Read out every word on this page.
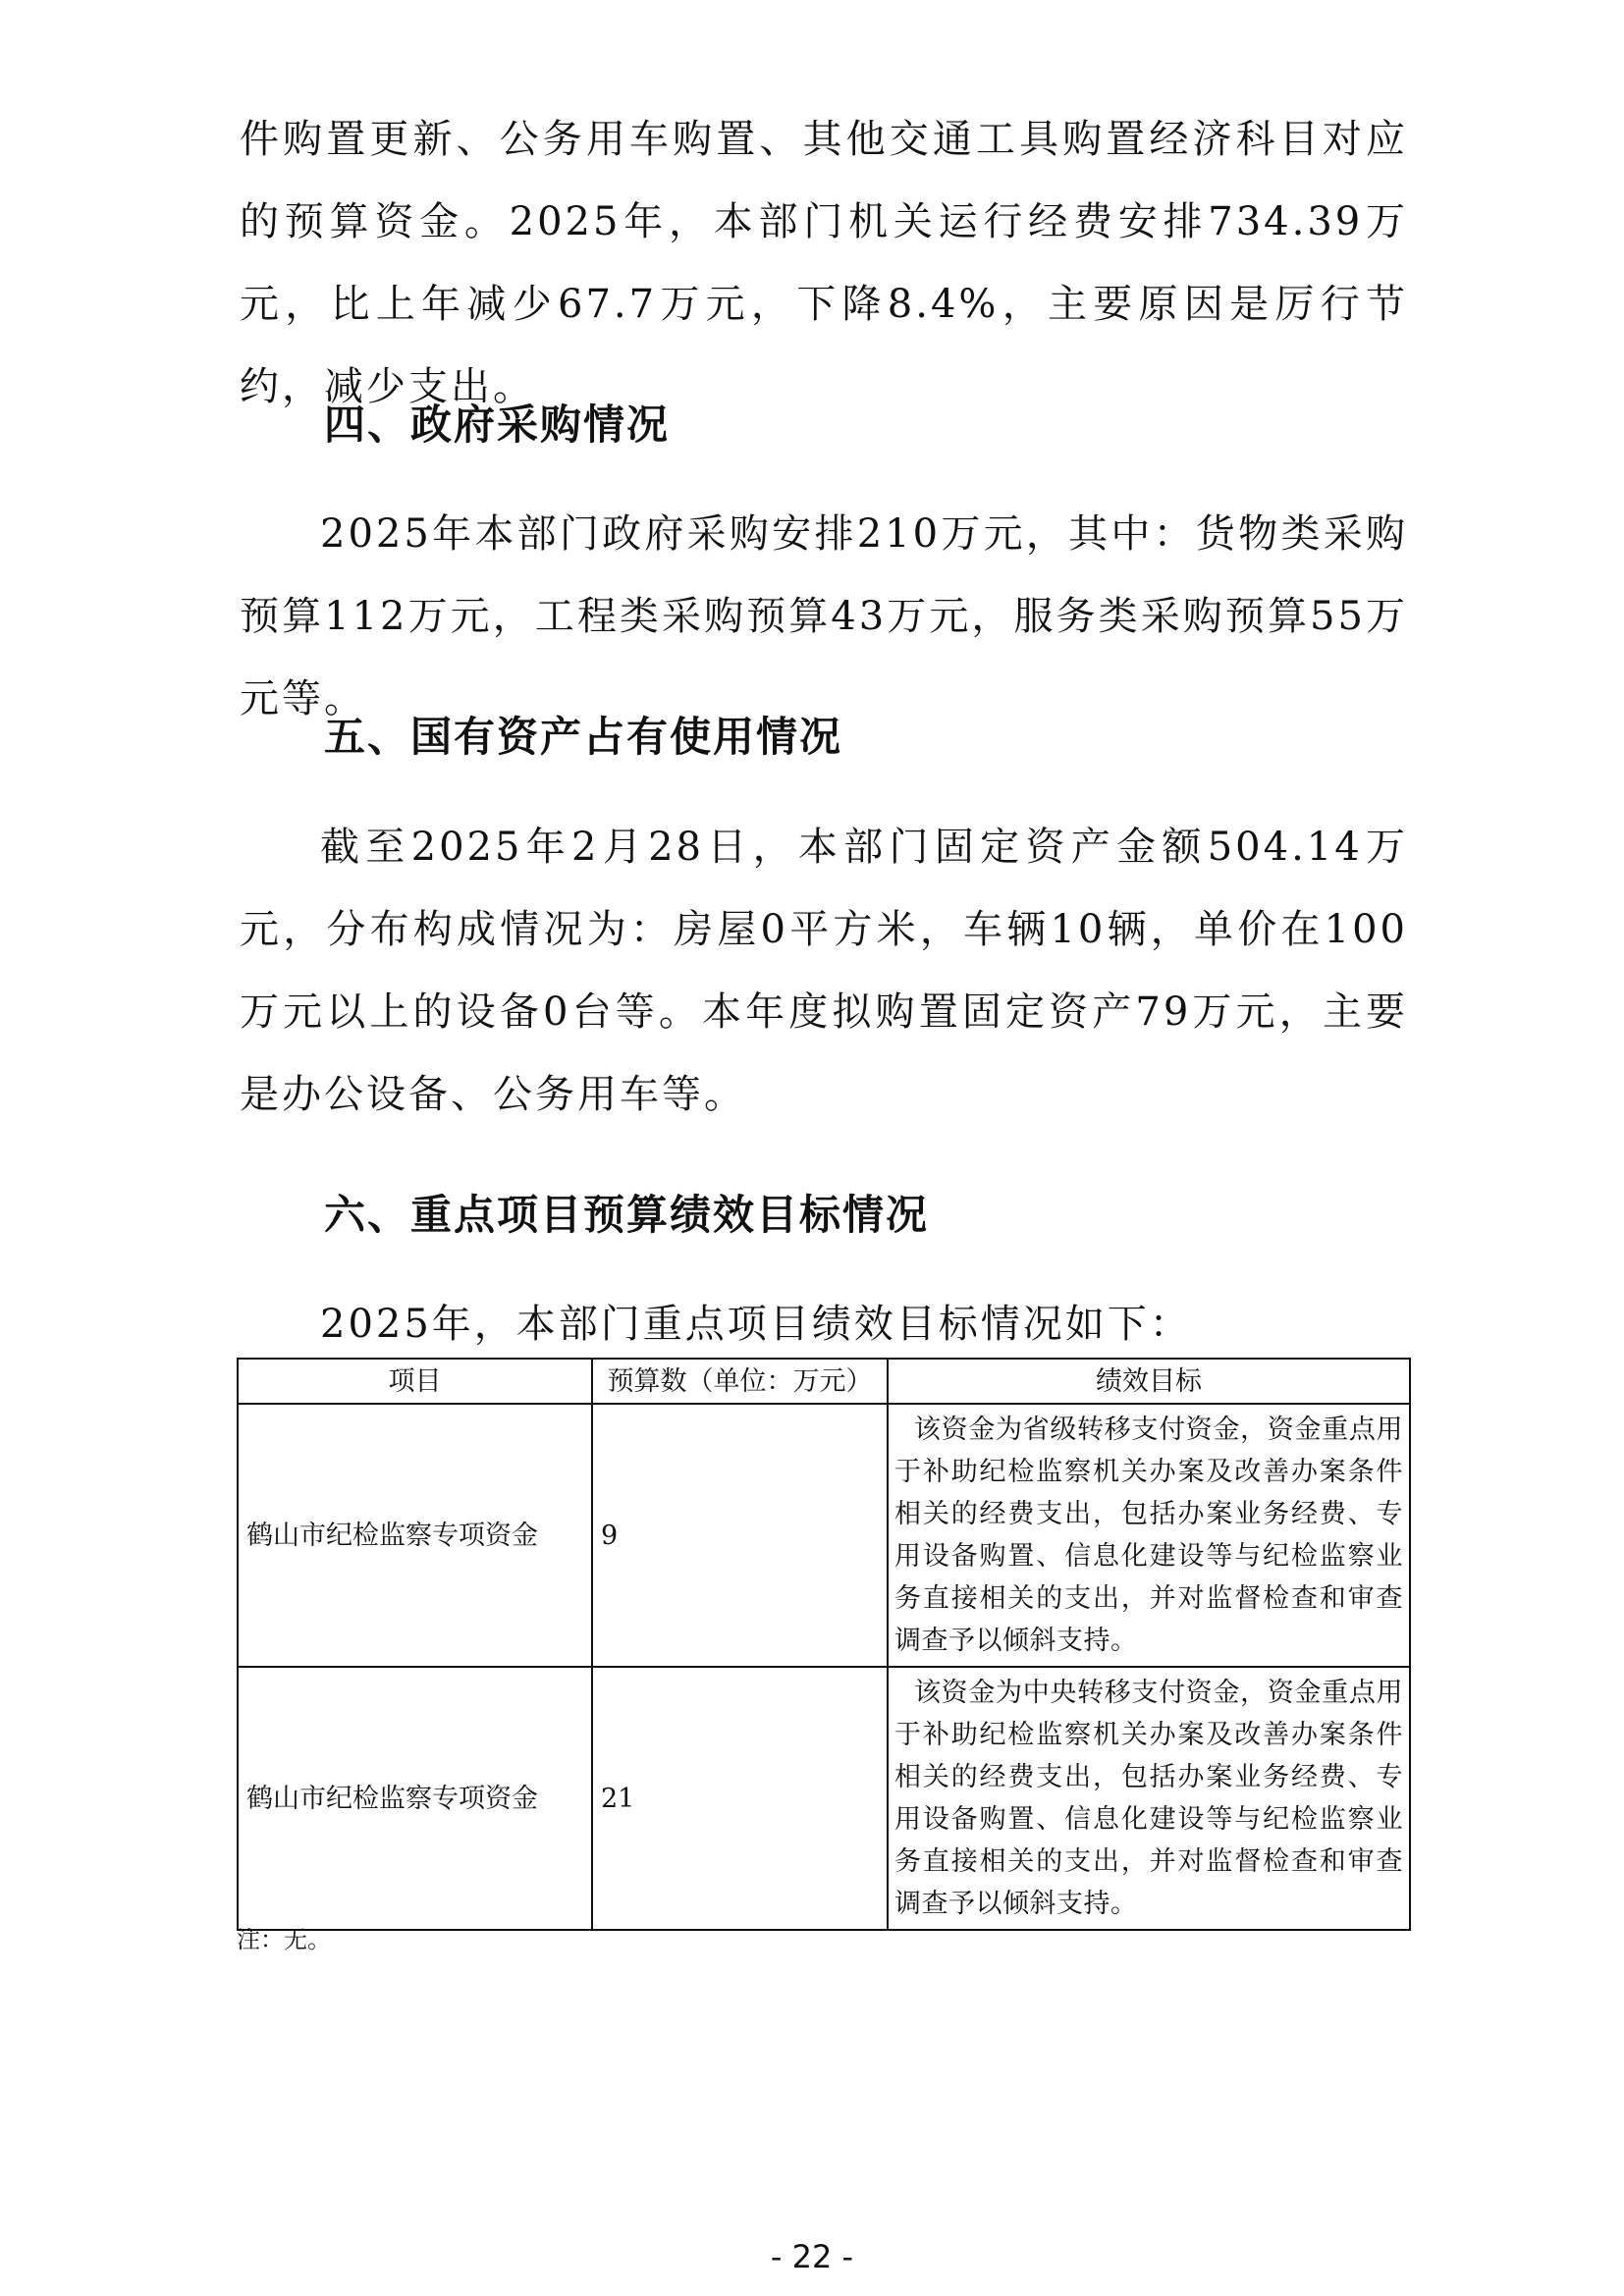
件购置更新、公务用车购置、其他交通工具购置经济科目对应的预算资金。2025年，本部门机关运行经费安排734.39万元，比上年减少67.7万元，下降8.4%，主要原因是厉行节约，减少支出。

四、政府采购情况

2025年本部门政府采购安排210万元，其中：货物类采购预算112万元，工程类采购预算43万元，服务类采购预算55万元等。

五、国有资产占有使用情况

截至2025年2月28日，本部门固定资产金额504.14万元，分布构成情况为：房屋0平方米，车辆10辆，单价在100万元以上的设备0台等。本年度拟购置固定资产79万元，主要是办公设备、公务用车等。

六、重点项目预算绩效目标情况

2025年，本部门重点项目绩效目标情况如下：

项目	预算数（单位：万元）	绩效目标
鹤山市纪检监察专项资金	9	该资金为省级转移支付资金，资金重点用于补助纪检监察机关办案及改善办案条件相关的经费支出，包括办案业务经费、专用设备购置、信息化建设等与纪检监察业务直接相关的支出，并对监督检查和审查调查予以倾斜支持。

鹤山市纪检监察专项资金	21	该资金为中央转移支付资金，资金重点用于补助纪检监察机关办案及改善办案条件相关的经费支出，包括办案业务经费、专用设备购置、信息化建设等与纪检监察业务直接相关的支出，并对监督检查和审查调查予以倾斜支持。
注：无。
- 22 -
